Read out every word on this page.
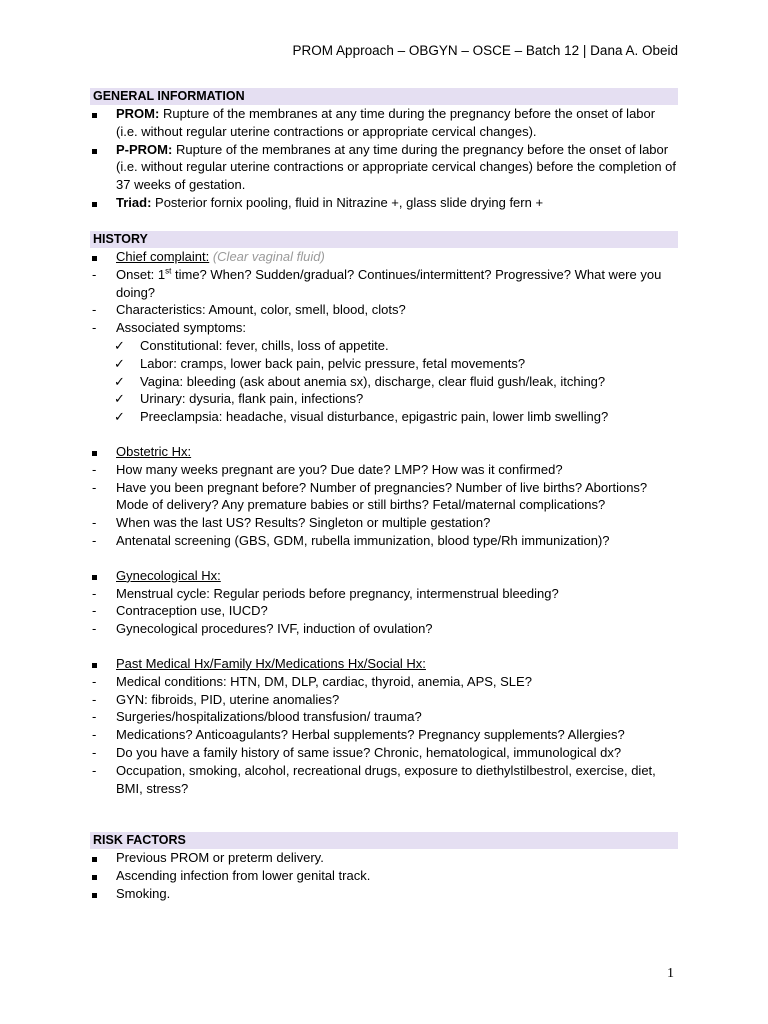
PROM Approach – OBGYN – OSCE – Batch 12 | Dana A. Obeid
GENERAL INFORMATION
PROM: Rupture of the membranes at any time during the pregnancy before the onset of labor (i.e. without regular uterine contractions or appropriate cervical changes).
P-PROM: Rupture of the membranes at any time during the pregnancy before the onset of labor (i.e. without regular uterine contractions or appropriate cervical changes) before the completion of 37 weeks of gestation.
Triad: Posterior fornix pooling, fluid in Nitrazine +, glass slide drying fern +
HISTORY
Chief complaint: (Clear vaginal fluid)
- Onset: 1st time? When? Sudden/gradual? Continues/intermittent? Progressive? What were you doing?
- Characteristics: Amount, color, smell, blood, clots?
- Associated symptoms:
✓ Constitutional: fever, chills, loss of appetite.
✓ Labor: cramps, lower back pain, pelvic pressure, fetal movements?
✓ Vagina: bleeding (ask about anemia sx), discharge, clear fluid gush/leak, itching?
✓ Urinary: dysuria, flank pain, infections?
✓ Preeclampsia: headache, visual disturbance, epigastric pain, lower limb swelling?
Obstetric Hx:
- How many weeks pregnant are you? Due date? LMP? How was it confirmed?
- Have you been pregnant before? Number of pregnancies? Number of live births? Abortions? Mode of delivery? Any premature babies or still births? Fetal/maternal complications?
- When was the last US? Results? Singleton or multiple gestation?
- Antenatal screening (GBS, GDM, rubella immunization, blood type/Rh immunization)?
Gynecological Hx:
- Menstrual cycle: Regular periods before pregnancy, intermenstrual bleeding?
- Contraception use, IUCD?
- Gynecological procedures? IVF, induction of ovulation?
Past Medical Hx/Family Hx/Medications Hx/Social Hx:
- Medical conditions: HTN, DM, DLP, cardiac, thyroid, anemia, APS, SLE?
- GYN: fibroids, PID, uterine anomalies?
- Surgeries/hospitalizations/blood transfusion/ trauma?
- Medications? Anticoagulants? Herbal supplements? Pregnancy supplements? Allergies?
- Do you have a family history of same issue? Chronic, hematological, immunological dx?
- Occupation, smoking, alcohol, recreational drugs, exposure to diethylstilbestrol, exercise, diet, BMI, stress?
RISK FACTORS
Previous PROM or preterm delivery.
Ascending infection from lower genital track.
Smoking.
1
